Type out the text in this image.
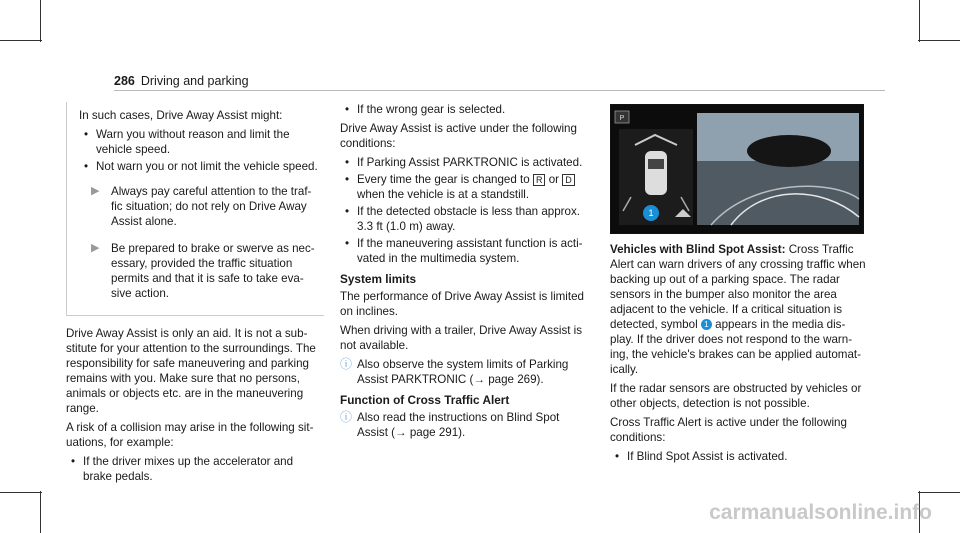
286 Driving and parking

In such cases, Drive Away Assist might:

• Warn you without reason and limit the vehicle speed.
• Not warn you or not limit the vehicle speed.
▶ Always pay careful attention to the traf- fic situation; do not rely on Drive Away Assist alone.
▶ Be prepared to brake or swerve as nec- essary, provided the traffic situation permits and that it is safe to take eva- sive action.

Drive Away Assist is only an aid. It is not a sub- stitute for your attention to the surroundings. The responsibility for safe maneuvering and parking remains with you. Make sure that no persons, animals or objects etc. are in the maneuvering range.

A risk of a collision may arise in the following sit- uations, for example:

• If the driver mixes up the accelerator and brake pedals.
• If the wrong gear is selected.

Drive Away Assist is active under the following conditions:

• If Parking Assist PARKTRONIC is activated.
• Every time the gear is changed to R or D when the vehicle is at a standstill.
• If the detected obstacle is less than approx. 3.3 ft (1.0 m) away.
• If the maneuvering assistant function is acti- vated in the multimedia system.
System limits

The performance of Drive Away Assist is limited on inclines.

When driving with a trailer, Drive Away Assist is not available.

ⓘ Also observe the system limits of Parking Assist PARKTRONIC (→ page 269).
Function of Cross Traffic Alert
ⓘ Also read the instructions on Blind Spot Assist (→ page 291).
P
1

Vehicles with Blind Spot Assist: Cross Traffic Alert can warn drivers of any crossing traffic when backing up out of a parking space. The radar sensors in the bumper also monitor the area adjacent to the vehicle. If a critical situation is detected, symbol 1 appears in the media dis- play. If the driver does not respond to the warn- ing, the vehicle's brakes can be applied automat- ically.

If the radar sensors are obstructed by vehicles or other objects, detection is not possible.

Cross Traffic Alert is active under the following conditions:

• If Blind Spot Assist is activated.
carmanualsonline.info
